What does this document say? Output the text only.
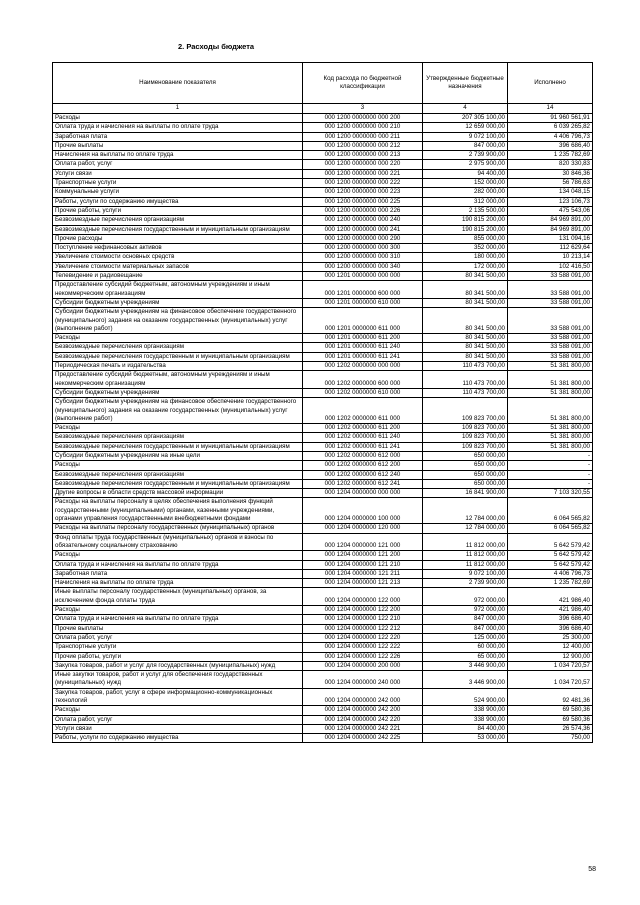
2. Расходы бюджета
Наименование показателя	Код расхода по бюджетной классификации	Утвержденные бюджетные назначения	Исполнено
1	3	4	14
Расходы	000 1200 0000000 000 200	207 305 100,00	91 960 561,91
Оплата труда и начисления на выплаты по оплате труда	000 1200 0000000 000 210	12 659 000,00	6 039 265,82
Заработная плата	000 1200 0000000 000 211	9 072 100,00	4 406 796,73
Прочие выплаты	000 1200 0000000 000 212	847 000,00	396 686,40
Начисления на выплаты по оплате труда	000 1200 0000000 000 213	2 739 900,00	1 235 782,69
Оплата работ, услуг	000 1200 0000000 000 220	2 975 900,00	820 330,83
Услуги связи	000 1200 0000000 000 221	94 400,00	30 846,36
Транспортные услуги	000 1200 0000000 000 222	152 000,00	56 786,63
Коммунальные услуги	000 1200 0000000 000 223	282 000,00	134 048,15
Работы, услуги по содержанию имущества	000 1200 0000000 000 225	312 000,00	123 106,73
Прочие работы, услуги	000 1200 0000000 000 226	2 135 500,00	475 543,06
Безвозмездные перечисления организациям	000 1200 0000000 000 240	190 815 200,00	84 969 891,00
Безвозмездные перечисления государственным и муниципальным организациям	000 1200 0000000 000 241	190 815 200,00	84 969 891,00
Прочие расходы	000 1200 0000000 000 290	855 000,00	131 094,16
Поступление нефинансовых активов	000 1200 0000000 000 300	352 000,00	112 629,64
Увеличение стоимости основных средств	000 1200 0000000 000 310	180 000,00	10 213,14
Увеличение стоимости материальных запасов	000 1200 0000000 000 340	172 000,00	102 416,50
Телевидение и радиовещание	000 1201 0000000 000 000	80 341 500,00	33 588 091,00
Предоставление субсидий бюджетным, автономным учреждениям и иным некоммерческим организациям	000 1201 0000000 600 000	80 341 500,00	33 588 091,00
Субсидии бюджетным учреждениям	000 1201 0000000 610 000	80 341 500,00	33 588 091,00
Субсидии бюджетным учреждениям на финансовое обеспечение государственного (муниципального) задания на оказание государственных (муниципальных) услуг (выполнение работ)	000 1201 0000000 611 000	80 341 500,00	33 588 091,00
Расходы	000 1201 0000000 611 200	80 341 500,00	33 588 091,00
Безвозмездные перечисления организациям	000 1201 0000000 611 240	80 341 500,00	33 588 091,00
Безвозмездные перечисления государственным и муниципальным организациям	000 1201 0000000 611 241	80 341 500,00	33 588 091,00
Периодическая печать и издательства	000 1202 0000000 000 000	110 473 700,00	51 381 800,00
Предоставление субсидий бюджетным, автономным учреждениям и иным некоммерческим организациям	000 1202 0000000 600 000	110 473 700,00	51 381 800,00
Субсидии бюджетным учреждениям	000 1202 0000000 610 000	110 473 700,00	51 381 800,00
Субсидии бюджетным учреждениям на финансовое обеспечение государственного (муниципального) задания на оказание государственных (муниципальных) услуг (выполнение работ)	000 1202 0000000 611 000	109 823 700,00	51 381 800,00
Расходы	000 1202 0000000 611 200	109 823 700,00	51 381 800,00
Безвозмездные перечисления организациям	000 1202 0000000 611 240	109 823 700,00	51 381 800,00
Безвозмездные перечисления государственным и муниципальным организациям	000 1202 0000000 611 241	109 823 700,00	51 381 800,00
Субсидии бюджетным учреждениям на иные цели	000 1202 0000000 612 000	650 000,00	-
Расходы	000 1202 0000000 612 200	650 000,00	-
Безвозмездные перечисления организациям	000 1202 0000000 612 240	650 000,00	-
Безвозмездные перечисления государственным и муниципальным организациям	000 1202 0000000 612 241	650 000,00	-
Другие вопросы в области средств массовой информации	000 1204 0000000 000 000	16 841 900,00	7 103 320,55
Расходы на выплаты персоналу в целях обеспечения выполнения функций государственными (муниципальными) органами, казенными учреждениями, органами управления государственными внебюджетными фондами	000 1204 0000000 100 000	12 784 000,00	6 064 565,82
Расходы на выплаты персоналу государственных (муниципальных) органов	000 1204 0000000 120 000	12 784 000,00	6 064 565,82
Фонд оплаты труда государственных (муниципальных) органов и взносы по обязательному социальному страхованию	000 1204 0000000 121 000	11 812 000,00	5 642 579,42
Расходы	000 1204 0000000 121 200	11 812 000,00	5 642 579,42
Оплата труда и начисления на выплаты по оплате труда	000 1204 0000000 121 210	11 812 000,00	5 642 579,42
Заработная плата	000 1204 0000000 121 211	9 072 100,00	4 406 796,73
Начисления на выплаты по оплате труда	000 1204 0000000 121 213	2 739 900,00	1 235 782,69
Иные выплаты персоналу государственных (муниципальных) органов, за исключением фонда оплаты труда	000 1204 0000000 122 000	972 000,00	421 986,40
Расходы	000 1204 0000000 122 200	972 000,00	421 986,40
Оплата труда и начисления на выплаты по оплате труда	000 1204 0000000 122 210	847 000,00	396 686,40
Прочие выплаты	000 1204 0000000 122 212	847 000,00	396 686,40
Оплата работ, услуг	000 1204 0000000 122 220	125 000,00	25 300,00
Транспортные услуги	000 1204 0000000 122 222	60 000,00	12 400,00
Прочие работы, услуги	000 1204 0000000 122 226	65 000,00	12 900,00
Закупка товаров, работ и услуг для государственных (муниципальных) нужд	000 1204 0000000 200 000	3 446 900,00	1 034 720,57
Иные закупки товаров, работ и услуг для обеспечения государственных (муниципальных) нужд	000 1204 0000000 240 000	3 446 900,00	1 034 720,57
Закупка товаров, работ, услуг в сфере информационно-коммуникационных технологий	000 1204 0000000 242 000	524 900,00	92 481,36
Расходы	000 1204 0000000 242 200	338 900,00	69 580,36
Оплата работ, услуг	000 1204 0000000 242 220	338 900,00	69 580,36
Услуги связи	000 1204 0000000 242 221	84 400,00	26 574,36
Работы, услуги по содержанию имущества	000 1204 0000000 242 225	53 000,00	750,00
58
